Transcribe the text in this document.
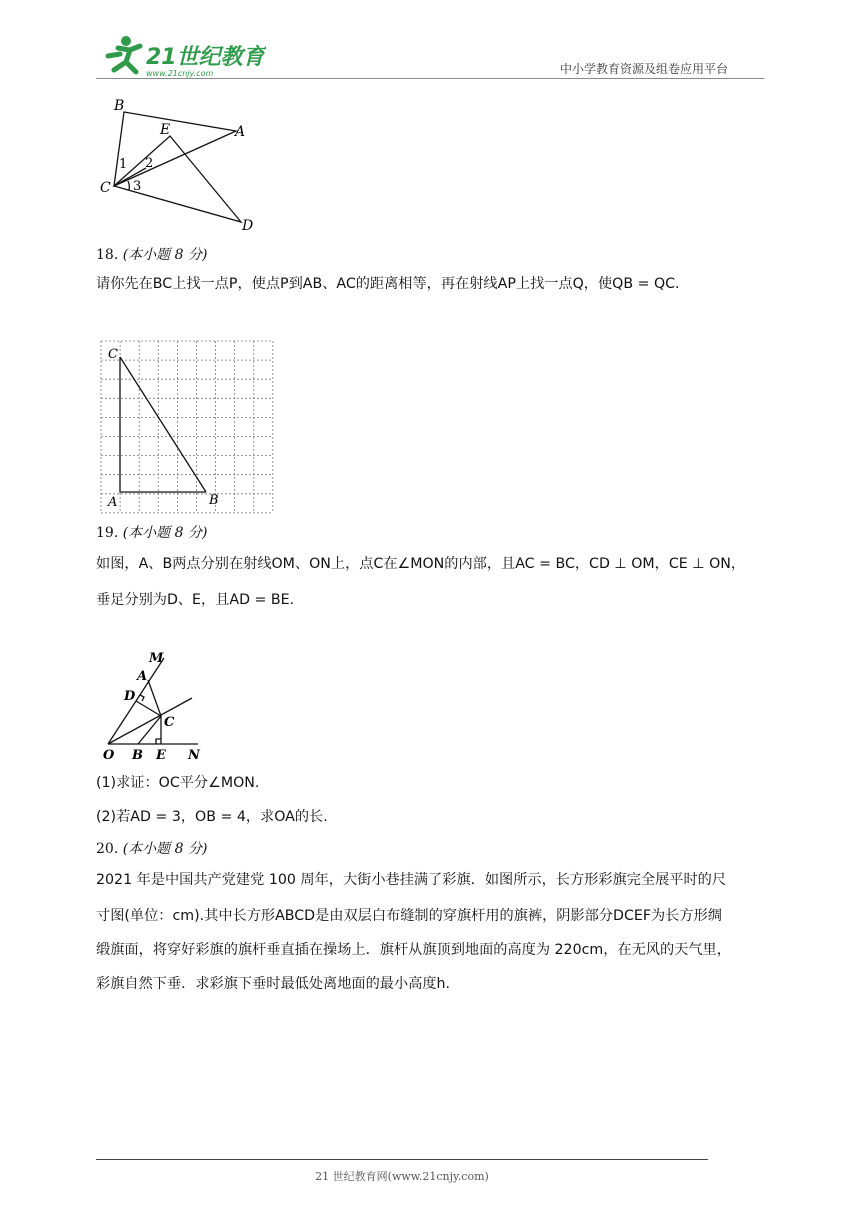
21世纪教育
www.21cnjy.com	中小学教育资源及组卷应用平台
B
E	A
C
D
1 2
3
18. (本小题 8 分)
请你先在BC上找一点P，使点P到AB、AC的距离相等，再在射线AP上找一点Q，使QB = QC.
C
A	B
19. (本小题 8 分)
如图，A、B两点分别在射线OM、ON上，点C在∠MON的内部，且AC = BC，CD ⊥ OM，CE ⊥ ON，
垂足分别为D、E，且AD = BE.
M
A
D
C
O B E N
(1)求证：OC平分∠MON.
(2)若AD = 3，OB = 4，求OA的长.
20. (本小题 8 分)
2021 年是中国共产党建党 100 周年，大街小巷挂满了彩旗．如图所示，长方形彩旗完全展平时的尺
寸图(单位：cm).其中长方形ABCD是由双层白布缝制的穿旗杆用的旗裤，阴影部分DCEF为长方形绸
缎旗面，将穿好彩旗的旗杆垂直插在操场上．旗杆从旗顶到地面的高度为 220cm，在无风的天气里，
彩旗自然下垂．求彩旗下垂时最低处离地面的最小高度h.
21 世纪教育网(www.21cnjy.com)
